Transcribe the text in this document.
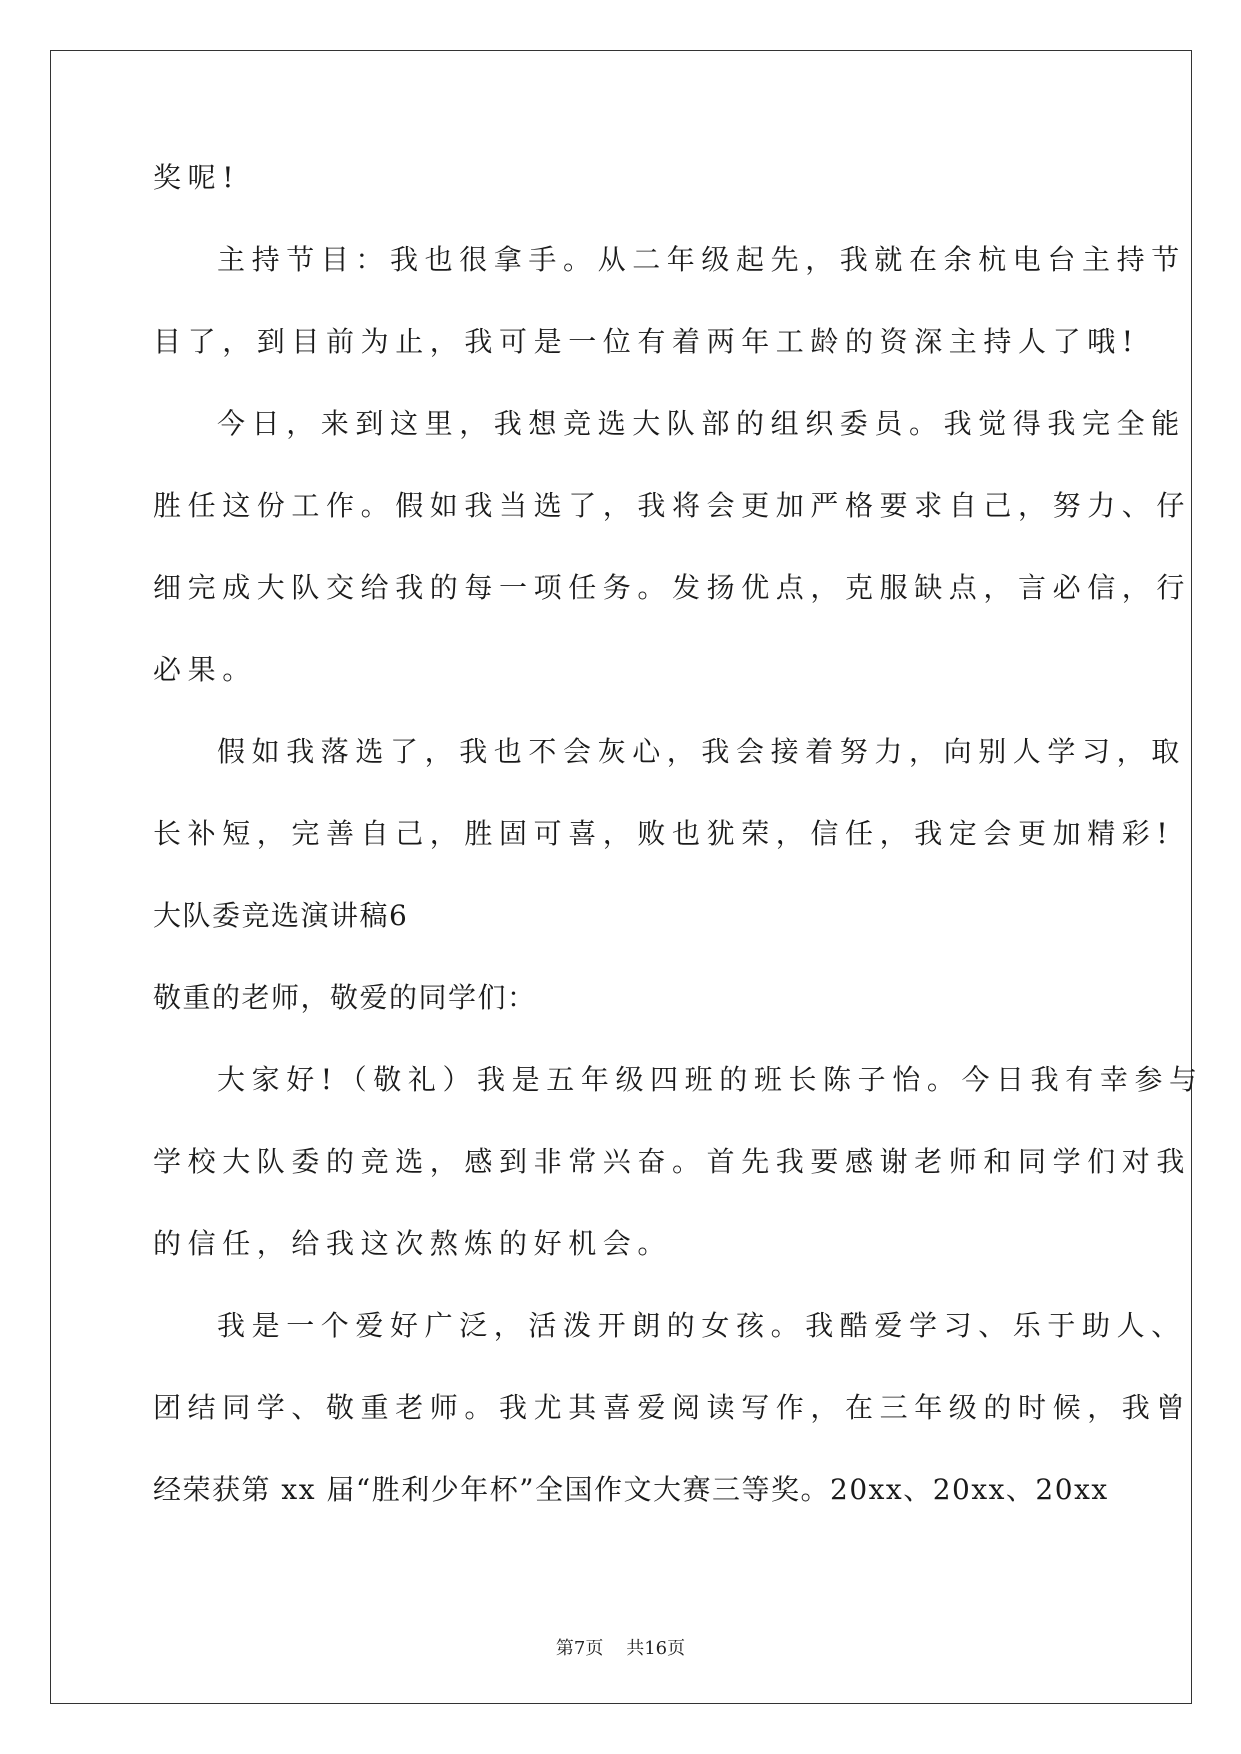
奖呢!
主持节目：我也很拿手。从二年级起先，我就在余杭电台主持节
目了，到目前为止，我可是一位有着两年工龄的资深主持人了哦!
今日，来到这里，我想竞选大队部的组织委员。我觉得我完全能
胜任这份工作。假如我当选了，我将会更加严格要求自己，努力、仔
细完成大队交给我的每一项任务。发扬优点，克服缺点，言必信，行
必果。
假如我落选了，我也不会灰心，我会接着努力，向别人学习，取
长补短，完善自己，胜固可喜，败也犹荣，信任，我定会更加精彩!
大队委竞选演讲稿6
敬重的老师，敬爱的同学们：
大家好!（敬礼）我是五年级四班的班长陈子怡。今日我有幸参与
学校大队委的竞选，感到非常兴奋。首先我要感谢老师和同学们对我
的信任，给我这次熬炼的好机会。
我是一个爱好广泛，活泼开朗的女孩。我酷爱学习、乐于助人、
团结同学、敬重老师。我尤其喜爱阅读写作，在三年级的时候，我曾
经荣获第 xx 届“胜利少年杯”全国作文大赛三等奖。20xx、20xx、20xx
第7页    共16页
